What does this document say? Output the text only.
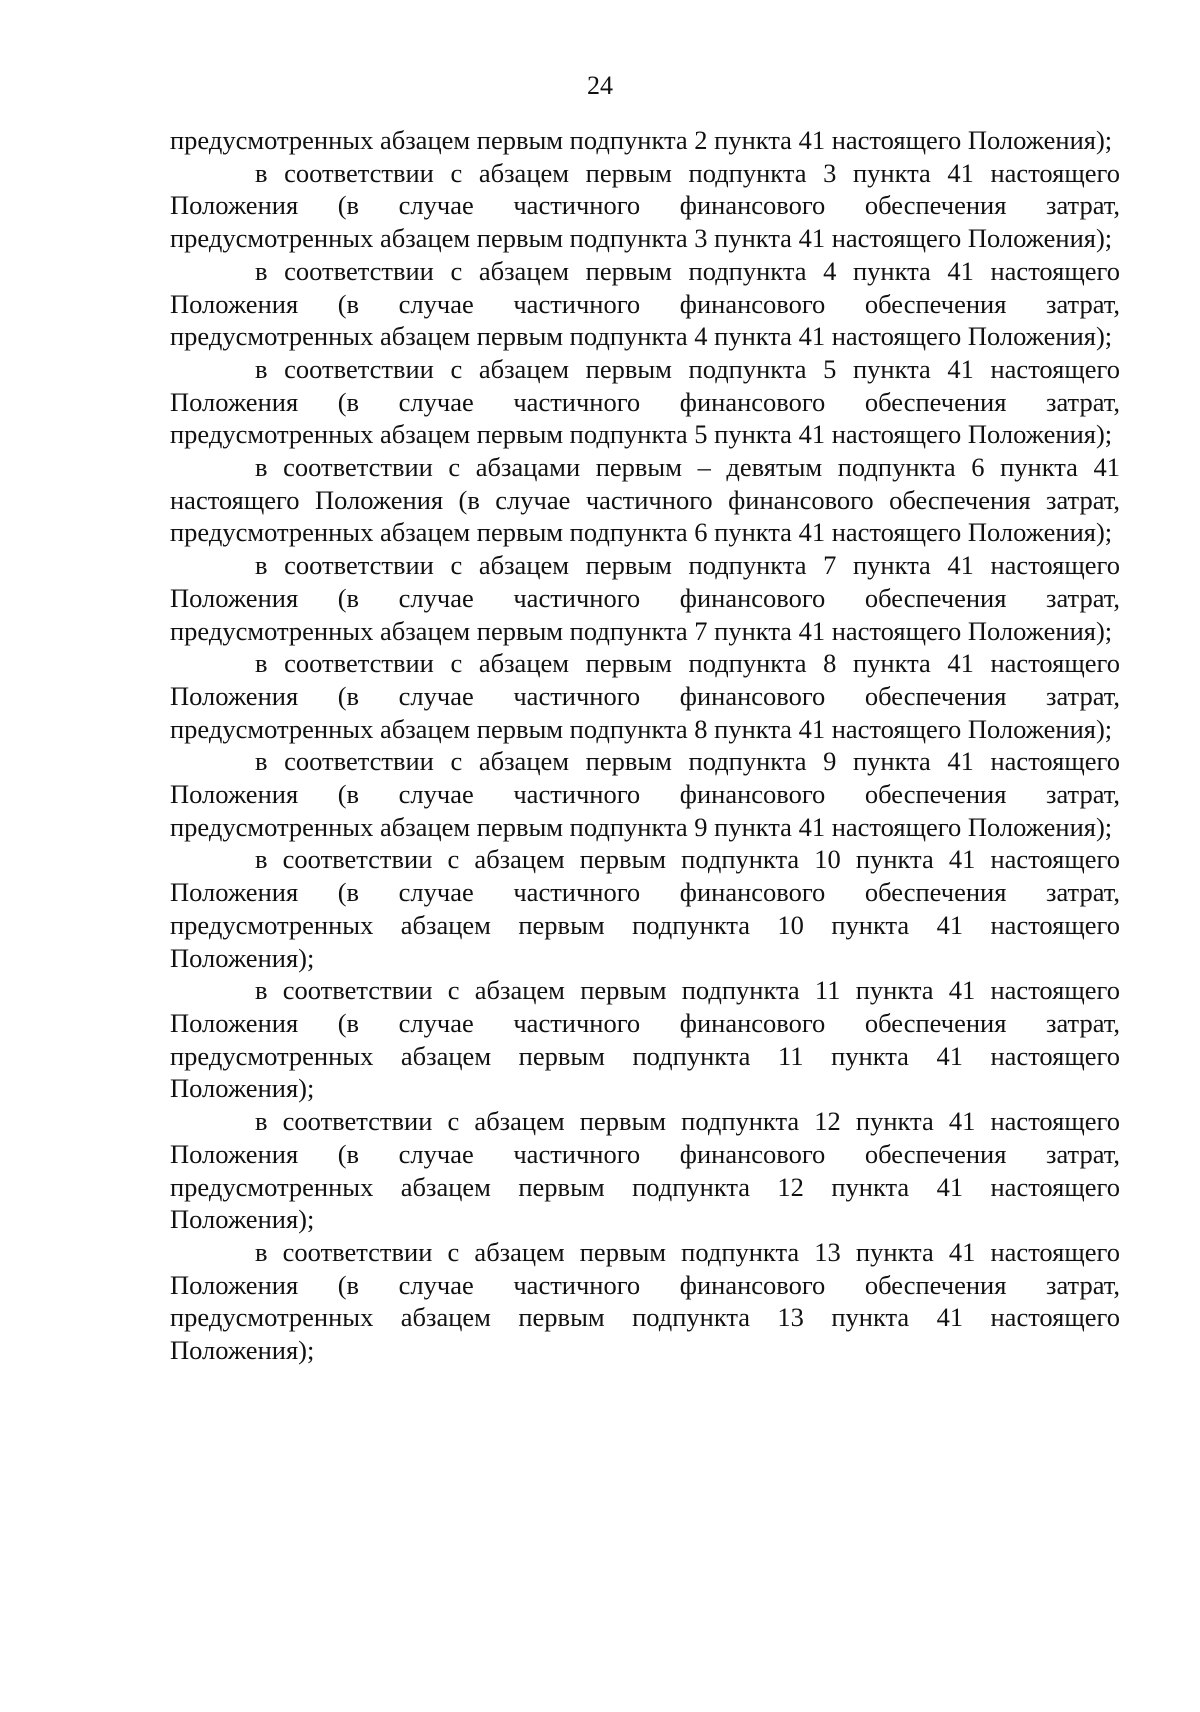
24

предусмотренных абзацем первым подпункта 2 пункта 41 настоящего Положения);

в соответствии с абзацем первым подпункта 3 пункта 41 настоящего Положения (в случае частичного финансового обеспечения затрат, предусмотренных абзацем первым подпункта 3 пункта 41 настоящего Положения);

в соответствии с абзацем первым подпункта 4 пункта 41 настоящего Положения (в случае частичного финансового обеспечения затрат, предусмотренных абзацем первым подпункта 4 пункта 41 настоящего Положения);

в соответствии с абзацем первым подпункта 5 пункта 41 настоящего Положения (в случае частичного финансового обеспечения затрат, предусмотренных абзацем первым подпункта 5 пункта 41 настоящего Положения);

в соответствии с абзацами первым – девятым подпункта 6 пункта 41 настоящего Положения (в случае частичного финансового обеспечения затрат, предусмотренных абзацем первым подпункта 6 пункта 41 настоящего Положения);

в соответствии с абзацем первым подпункта 7 пункта 41 настоящего Положения (в случае частичного финансового обеспечения затрат, предусмотренных абзацем первым подпункта 7 пункта 41 настоящего Положения);

в соответствии с абзацем первым подпункта 8 пункта 41 настоящего Положения (в случае частичного финансового обеспечения затрат, предусмотренных абзацем первым подпункта 8 пункта 41 настоящего Положения);

в соответствии с абзацем первым подпункта 9 пункта 41 настоящего Положения (в случае частичного финансового обеспечения затрат, предусмотренных абзацем первым подпункта 9 пункта 41 настоящего Положения);

в соответствии с абзацем первым подпункта 10 пункта 41 настоящего Положения (в случае частичного финансового обеспечения затрат, предусмотренных абзацем первым подпункта 10 пункта 41 настоящего Положения);

в соответствии с абзацем первым подпункта 11 пункта 41 настоящего Положения (в случае частичного финансового обеспечения затрат, предусмотренных абзацем первым подпункта 11 пункта 41 настоящего Положения);

в соответствии с абзацем первым подпункта 12 пункта 41 настоящего Положения (в случае частичного финансового обеспечения затрат, предусмотренных абзацем первым подпункта 12 пункта 41 настоящего Положения);

в соответствии с абзацем первым подпункта 13 пункта 41 настоящего Положения (в случае частичного финансового обеспечения затрат, предусмотренных абзацем первым подпункта 13 пункта 41 настоящего Положения);
